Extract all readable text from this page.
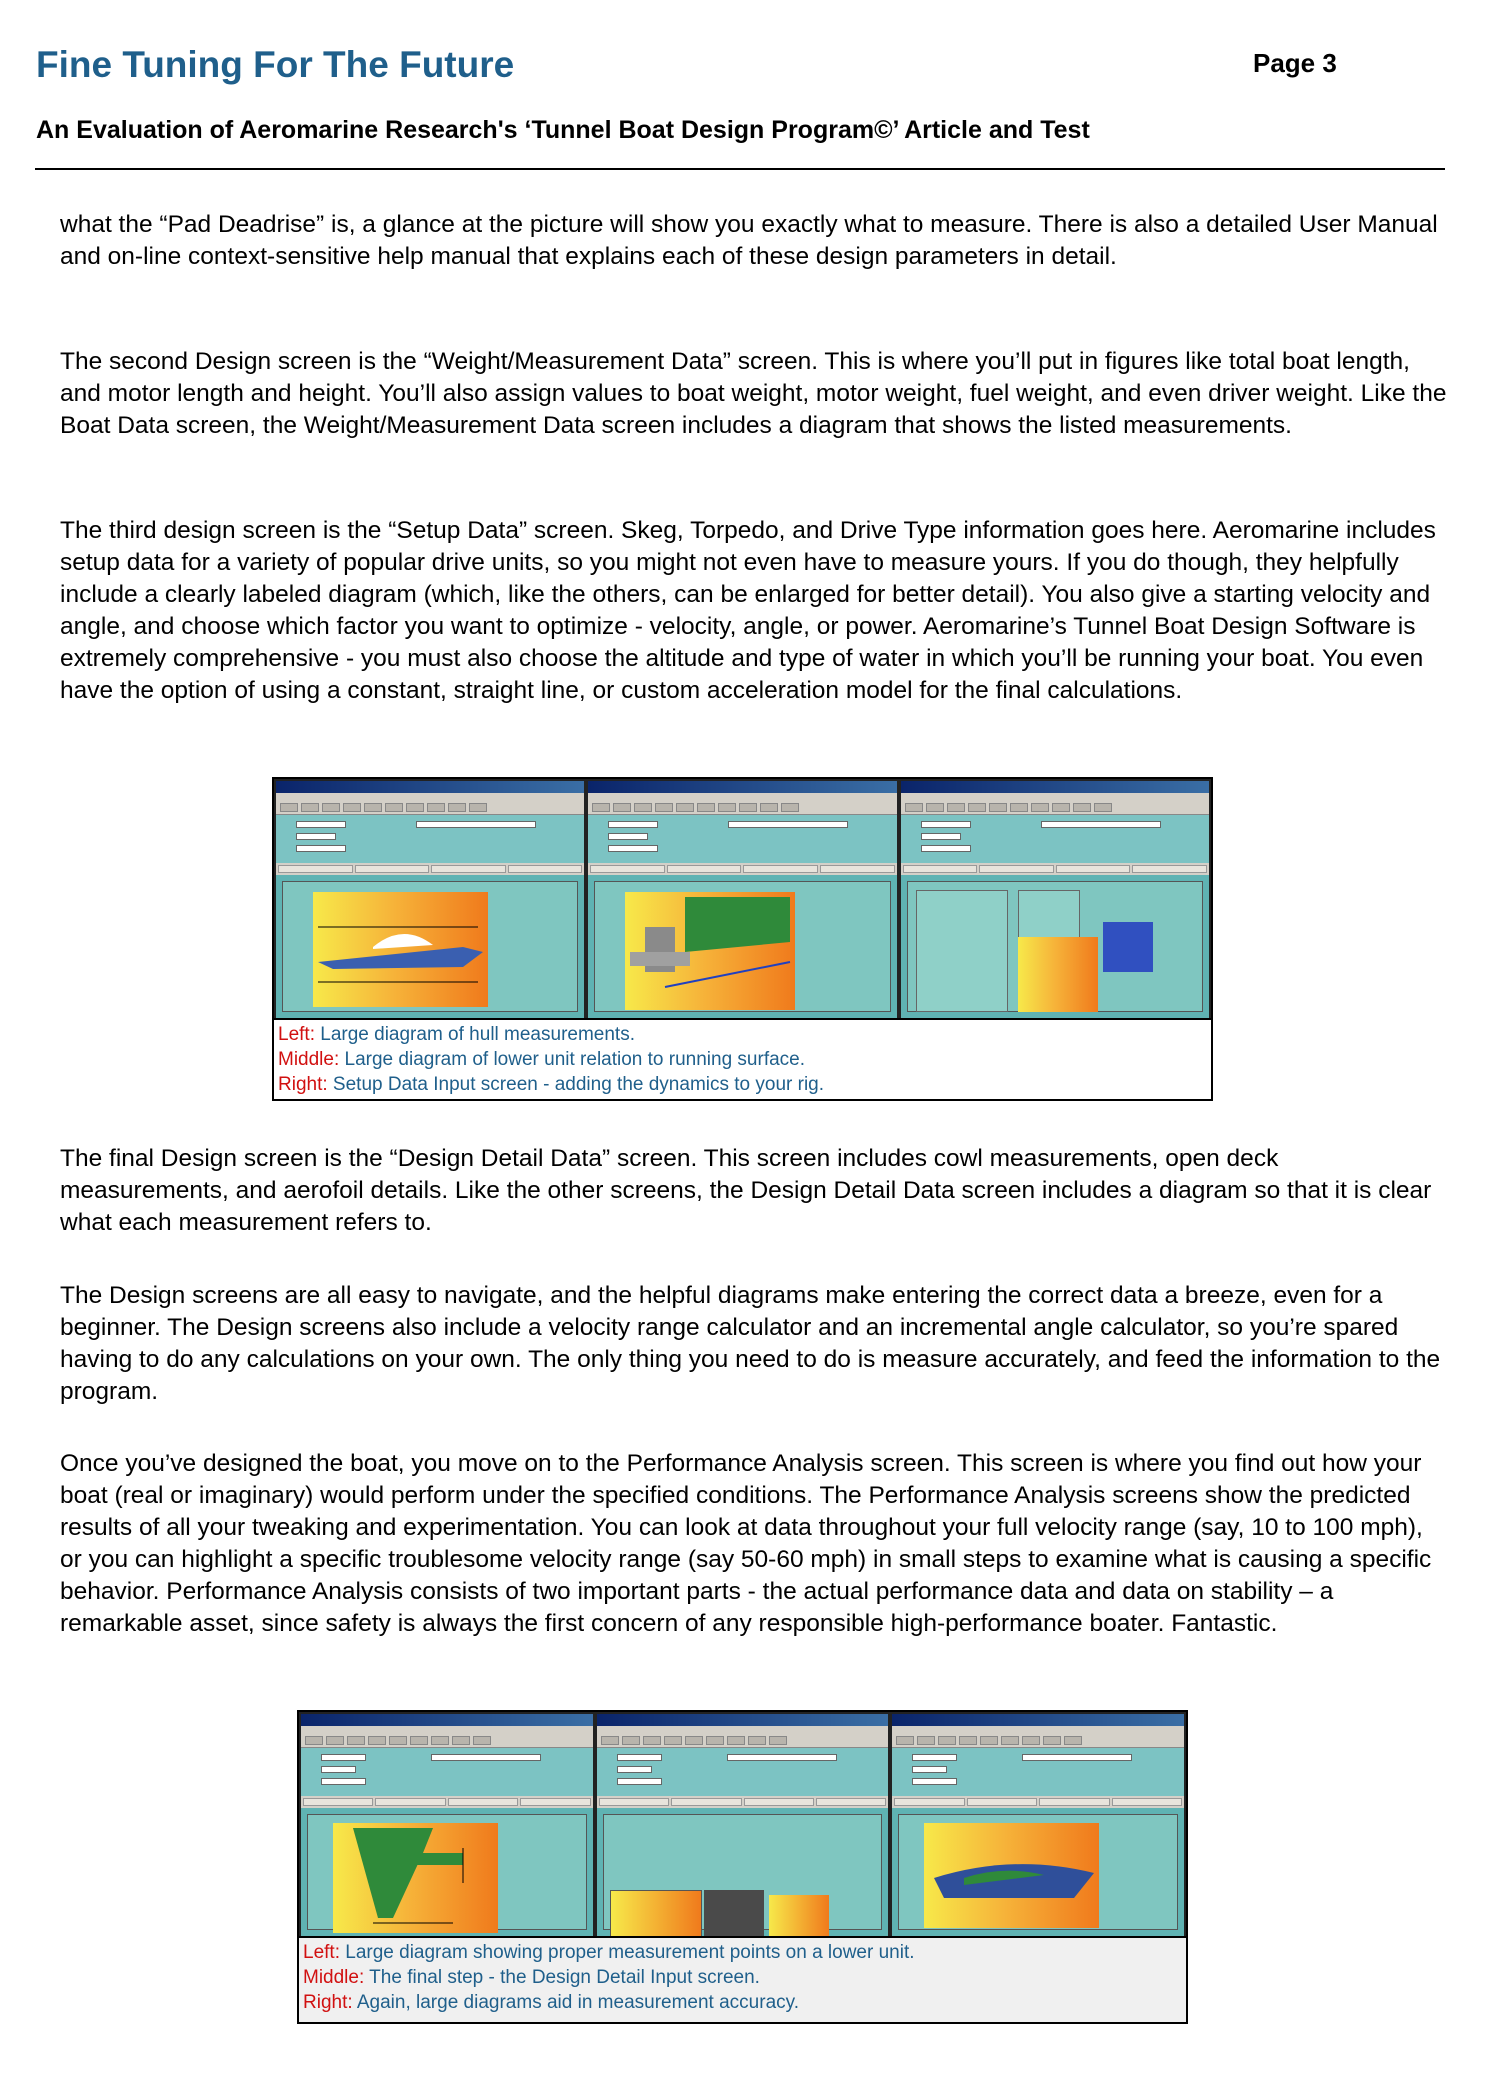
Fine Tuning For The Future	Page 3
An Evaluation of Aeromarine Research's ‘Tunnel Boat Design Program©’ Article and Test
what the “Pad Deadrise” is, a glance at the picture will show you exactly what to measure. There is also a detailed User Manual and on-line context-sensitive help manual that explains each of these design parameters in detail.
The second Design screen is the “Weight/Measurement Data” screen. This is where you’ll put in figures like total boat length, and motor length and height. You’ll also assign values to boat weight, motor weight, fuel weight, and even driver weight. Like the Boat Data screen, the Weight/Measurement Data screen includes a diagram that shows the listed measurements.
The third design screen is the “Setup Data” screen. Skeg, Torpedo, and Drive Type information goes here. Aeromarine includes setup data for a variety of popular drive units, so you might not even have to measure yours. If you do though, they helpfully include a clearly labeled diagram (which, like the others, can be enlarged for better detail). You also give a starting velocity and angle, and choose which factor you want to optimize - velocity, angle, or power. Aeromarine’s Tunnel Boat Design Software is extremely comprehensive - you must also choose the altitude and type of water in which you’ll be running your boat. You even have the option of using a constant, straight line, or custom acceleration model for the final calculations.
Left: Large diagram of hull measurements.
Middle: Large diagram of lower unit relation to running surface.
Right: Setup Data Input screen - adding the dynamics to your rig.
The final Design screen is the “Design Detail Data” screen. This screen includes cowl measurements, open deck measurements, and aerofoil details. Like the other screens, the Design Detail Data screen includes a diagram so that it is clear what each measurement refers to.
The Design screens are all easy to navigate, and the helpful diagrams make entering the correct data a breeze, even for a beginner. The Design screens also include a velocity range calculator and an incremental angle calculator, so you’re spared having to do any calculations on your own. The only thing you need to do is measure accurately, and feed the information to the program.
Once you’ve designed the boat, you move on to the Performance Analysis screen. This screen is where you find out how your boat (real or imaginary) would perform under the specified conditions. The Performance Analysis screens show the predicted results of all your tweaking and experimentation. You can look at data throughout your full velocity range (say, 10 to 100 mph), or you can highlight a specific troublesome velocity range (say 50-60 mph) in small steps to examine what is causing a specific behavior. Performance Analysis consists of two important parts - the actual performance data and data on stability – a remarkable asset, since safety is always the first concern of any responsible high-performance boater. Fantastic.
Left: Large diagram showing proper measurement points on a lower unit.
Middle: The final step - the Design Detail Input screen.
Right: Again, large diagrams aid in measurement accuracy.
